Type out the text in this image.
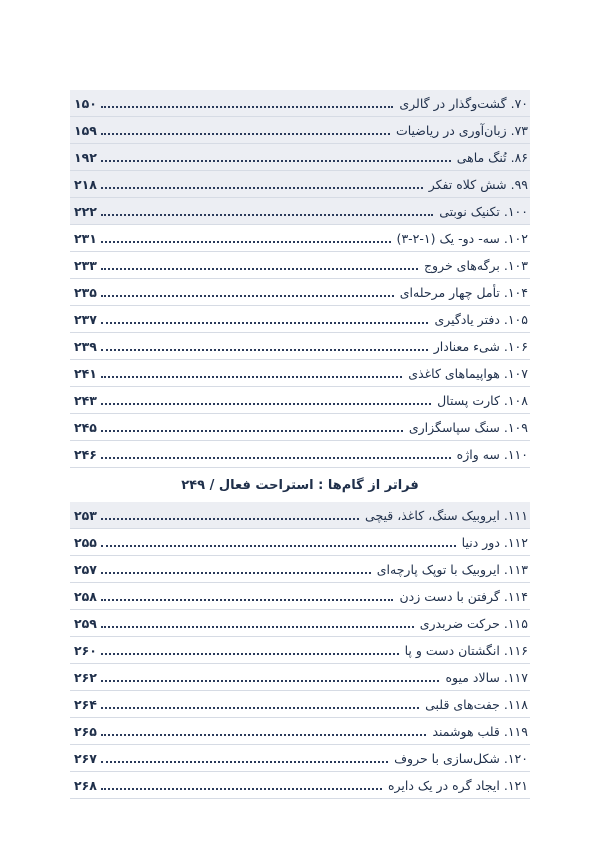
۷۰. گشت‌وگذار در گالری
۱۵۰
۷۳. زبان‌آوری در ریاضیات
۱۵۹
۸۶. تُنگ ماهی
۱۹۲
۹۹. شش کلاه تفکر
۲۱۸
۱۰۰. تکنیک نوبتی
۲۲۲
۱۰۲. سه- دو- یک (۱-۲-۳)
۲۳۱
۱۰۳. برگه‌های خروج
۲۳۳
۱۰۴. تأمل چهار مرحله‌ای
۲۳۵
۱۰۵. دفتر یادگیری
۲۳۷
۱۰۶. شیء معنادار
۲۳۹
۱۰۷. هواپیماهای کاغذی
۲۴۱
۱۰۸. کارت پستال
۲۴۳
۱۰۹. سنگ سپاسگزاری
۲۴۵
۱۱۰. سه واژه
۲۴۶
فراتر از گام‌ها : استراحت فعال / ۲۴۹
۱۱۱. ایروبیک سنگ، کاغذ، قیچی
۲۵۳
۱۱۲. دور دنیا
۲۵۵
۱۱۳. ایروبیک با توپک پارچه‌ای
۲۵۷
۱۱۴. گرفتن با دست زدن
۲۵۸
۱۱۵. حرکت ضربدری
۲۵۹
۱۱۶. انگشتان دست و پا
۲۶۰
۱۱۷. سالاد میوه
۲۶۲
۱۱۸. جفت‌های قلبی
۲۶۴
۱۱۹. قلب هوشمند
۲۶۵
۱۲۰. شکل‌سازی با حروف
۲۶۷
۱۲۱. ایجاد گره در یک دایره
۲۶۸
